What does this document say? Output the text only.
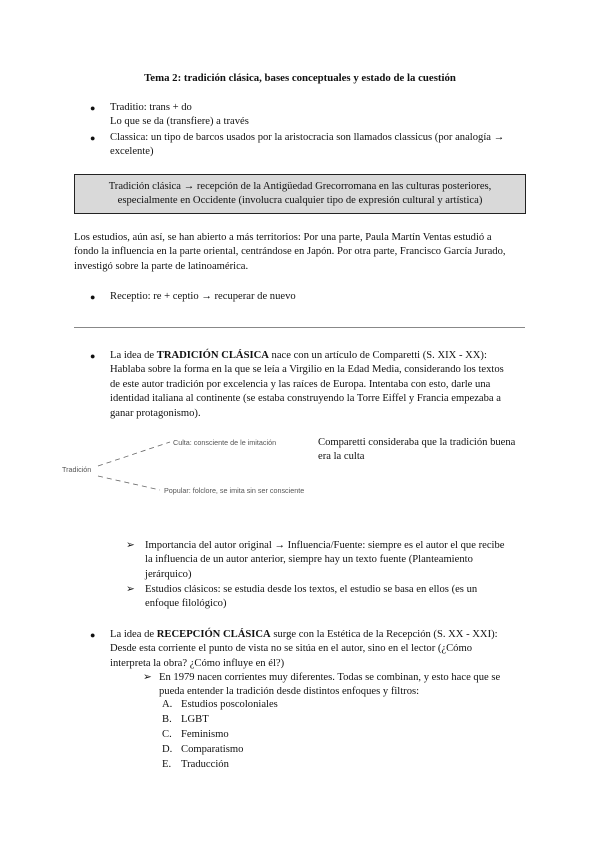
Tema 2: tradición clásica, bases conceptuales y estado de la cuestión
●	Traditio: trans + do
Lo que se da (transfiere) a través
●	Classica: un tipo de barcos usados por la aristocracia son llamados classicus (por analogía →
excelente)
Tradición clásica → recepción de la Antigüedad Grecorromana en las culturas posteriores,
especialmente en Occidente (involucra cualquier tipo de expresión cultural y artística)
Los estudios, aún así, se han abierto a más territorios: Por una parte, Paula Martín Ventas estudió a
fondo la influencia en la parte oriental, centrándose en Japón. Por otra parte, Francisco García Jurado,
investigó sobre la parte de latinoamérica.
●	Receptio: re + ceptio → recuperar de nuevo
●	La idea de TRADICIÓN CLÁSICA nace con un artículo de Comparetti (S. XIX - XX):
Hablaba sobre la forma en la que se leía a Virgilio en la Edad Media, considerando los textos
de este autor tradición por excelencia y las raíces de Europa. Intentaba con esto, darle una
identidad italiana al continente (se estaba construyendo la Torre Eiffel y Francia empezaba a
ganar protagonismo).
Tradición
Culta: consciente de le imitación
Popular: folclore, se imita sin ser consciente
Comparetti consideraba que la tradición buena
era la culta
➢ Importancia del autor original → Influencia/Fuente: siempre es el autor el que recibe
la influencia de un autor anterior, siempre hay un texto fuente (Planteamiento
jerárquico)
➢ Estudios clásicos: se estudia desde los textos, el estudio se basa en ellos (es un
enfoque filológico)
●	La idea de RECEPCIÓN CLÁSICA surge con la Estética de la Recepción (S. XX - XXI):
Desde esta corriente el punto de vista no se sitúa en el autor, sino en el lector (¿Cómo
interpreta la obra? ¿Cómo influye en él?)
➢ En 1979 nacen corrientes muy diferentes. Todas se combinan, y esto hace que se
pueda entender la tradición desde distintos enfoques y filtros:
A. Estudios poscoloniales
B. LGBT
C. Feminismo
D. Comparatismo
E. Traducción
